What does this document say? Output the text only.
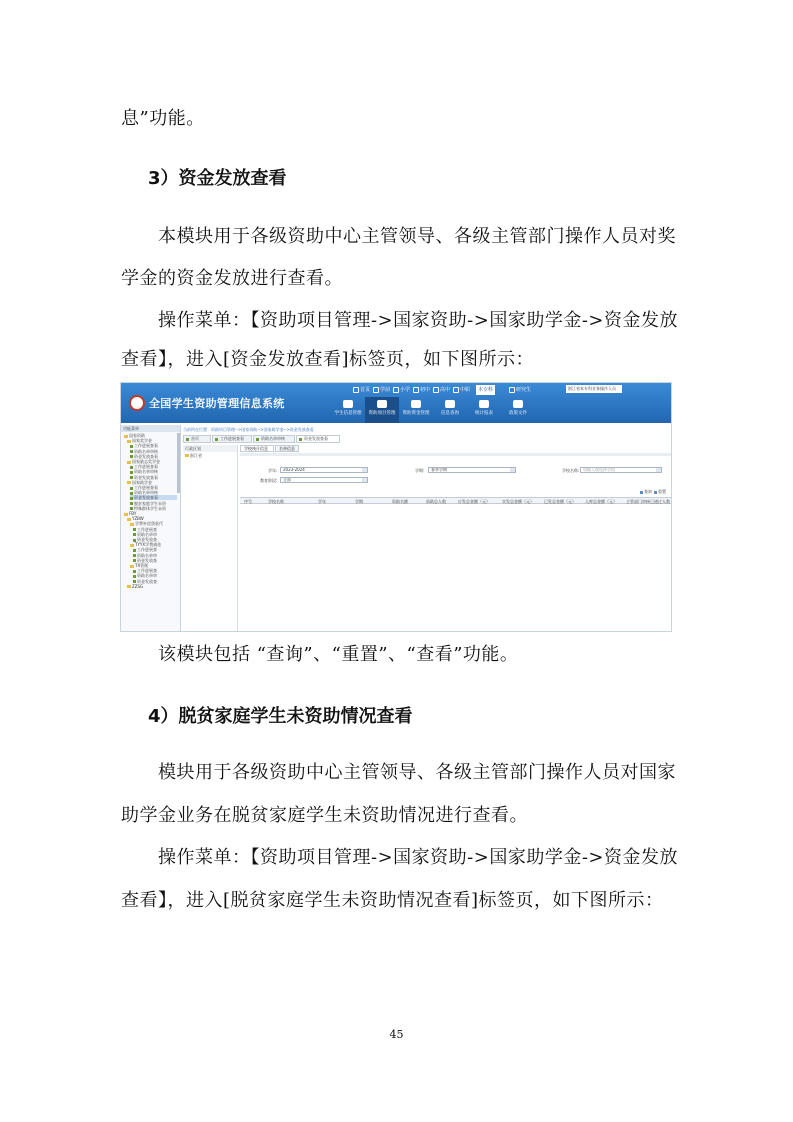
息”功能。
3）资金发放查看
本模块用于各级资助中心主管领导、各级主管部门操作人员对奖
学金的资金发放进行查看。
操作菜单：【资助项目管理->国家资助->国家助学金->资金发放
查看】，进入[资金发放查看]标签页，如下图所示：
全国学生资助管理信息系统
首页	学前	小学	初中	高中	中职	本专科	研究生	浙江省本专科业务操作人员
学生信息管理	资助项目管理	资助资金管理	信息查询	统计报表	政策文件
功能菜单
国家资助
国家奖学金
工作进展查看
资助名单审核
资金发放查看
国家励志奖学金
工作进展查看
资助名单审核
资金发放查看
国家助学金
工作进展查看
资助名单审核
资金发放查看
脱贫家庭学生未资
特殊群体学生未资
FBY
YZBW
学费补偿贷款代
工作进展查
资助名单审
资金发放查
TYYX学费减免
工作进展查
资助名单审
资金发放查
TX管理
工作进展查
资助名单审
资金发放查
ZZSG
当前所在位置：资助项目管理-->国家资助-->国家助学金-->资金发放查看
首页	工作进展查看	资助名单审核	资金发放查看
行政区划
浙江省
学校统计信息	名单信息
学年:	2023-2024	学期:	春季学期	学校名称: 请输入或选择学校
教育阶段:	全部
查询	重置
序号	学校名称	学年	学期	资助名额	资助总人数	应发总金额（元）	实发总金额（元）	已发总金额（元） 入库总金额（元） 主管部门审核已通过人数
该模块包括 “查询”、“重置”、“查看”功能。
4）脱贫家庭学生未资助情况查看
模块用于各级资助中心主管领导、各级主管部门操作人员对国家
助学金业务在脱贫家庭学生未资助情况进行查看。
操作菜单：【资助项目管理->国家资助->国家助学金->资金发放
查看】，进入[脱贫家庭学生未资助情况查看]标签页，如下图所示：
45
